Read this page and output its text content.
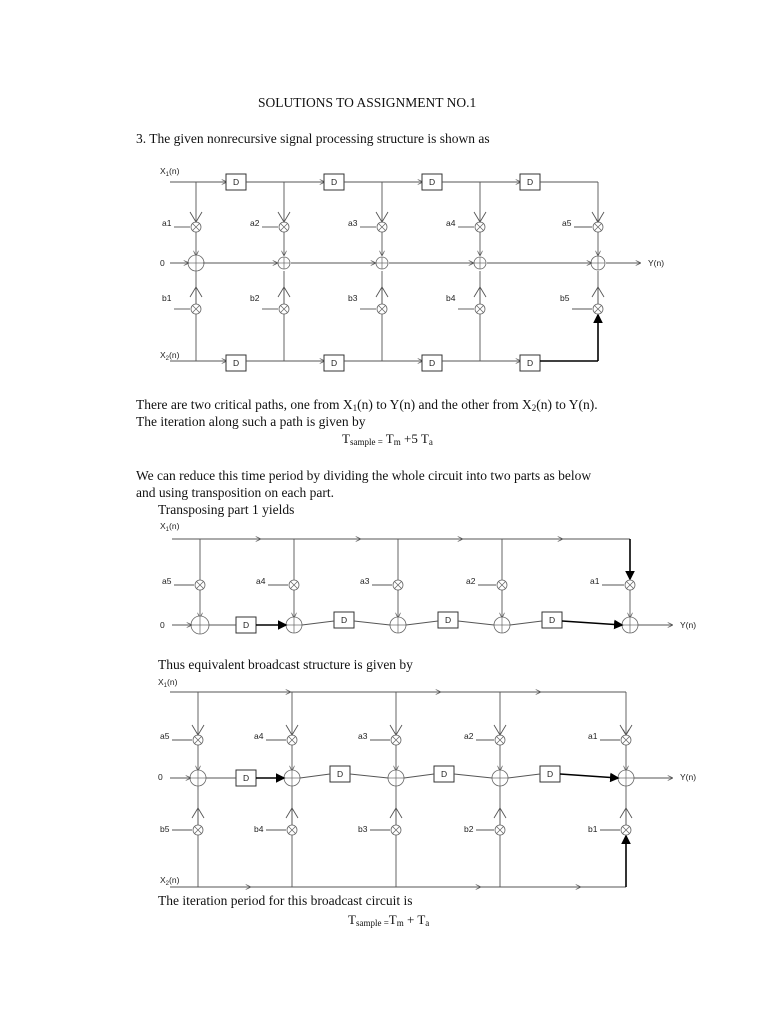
SOLUTIONS TO ASSIGNMENT NO.1
3. The given nonrecursive signal processing structure is shown as
$X_1(n)$
$X_2(n)$
0	Y(n)
D	D	D	D
D	D	D	D
a1	a2	a3	a4	a5
b1	b2	b3	b4	b5
There are two critical paths, one from $X_1(n)$ to Y(n) and the other from $X_2(n)$ to Y(n).
The iteration along such a path is given by
$T_{sample =}$ $T_m +5$ $T_a$
We can reduce this time period by dividing the whole circuit into two parts as below
and using transposition on each part.
Transposing part 1 yields
$X_1(n)$
0	Y(n)
a5	a4	a3	a2	a1
D	D	D	D
Thus equivalent broadcast structure is given by
$X_1(n)$
$X_2(n)$
0	Y(n)
a5	a4	a3	a2	a1
b5	b4	b3	b2	b1
D	D	D	D
The iteration period for this broadcast circuit is
$T_{sample =}T_m + T_a$
